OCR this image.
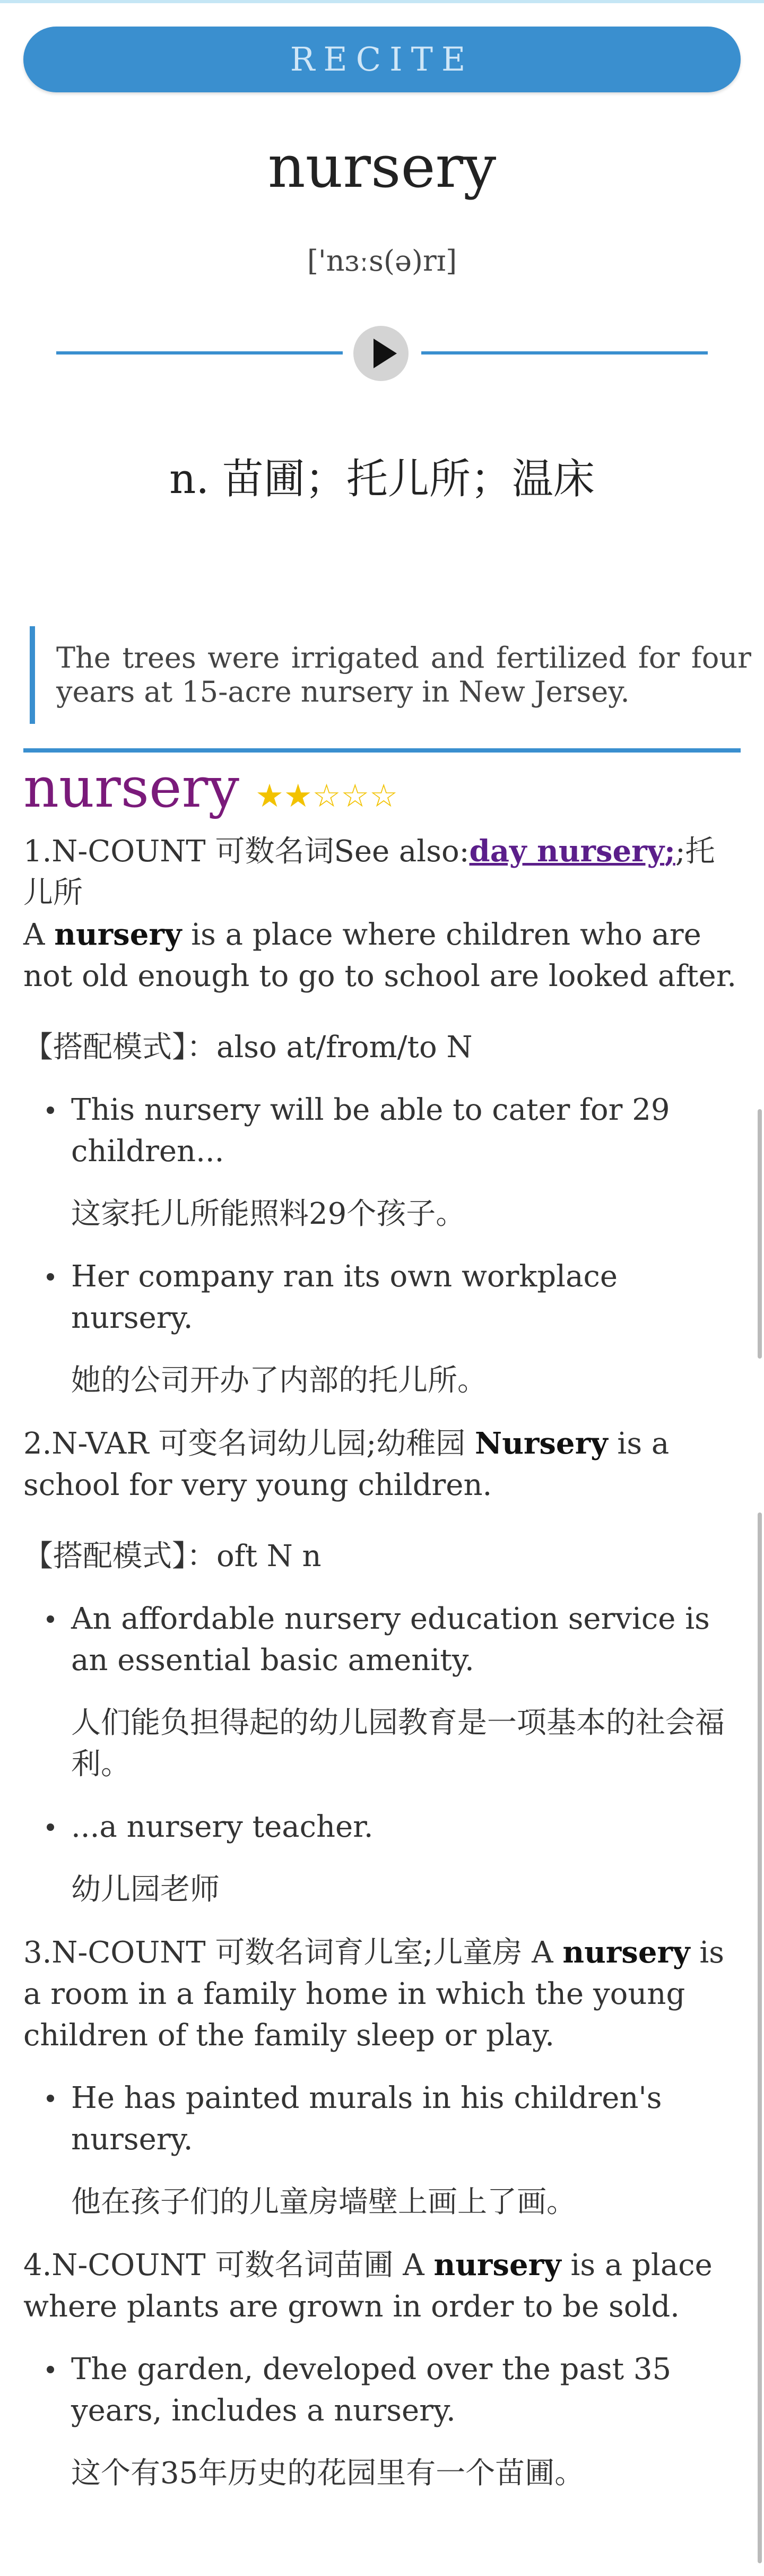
RECITE
nursery
['nɜːs(ə)rɪ]
n. 苗圃；托儿所；温床
The trees were irrigated and fertilized for four years at 15-acre nursery in New Jersey.
nursery ★★☆☆☆

1.N-COUNT 可数名词See also:day nursery;;托儿所
A nursery is a place where children who are not old enough to go to school are looked after.

【搭配模式】：also at/from/to N

This nursery will be able to cater for 29 children...

这家托儿所能照料29个孩子。

Her company ran its own workplace nursery.

她的公司开办了内部的托儿所。

2.N-VAR 可变名词幼儿园;幼稚园 Nursery is a school for very young children.

【搭配模式】：oft N n

An affordable nursery education service is an essential basic amenity.

人们能负担得起的幼儿园教育是一项基本的社会福利。

...a nursery teacher.

幼儿园老师

3.N-COUNT 可数名词育儿室;儿童房 A nursery is a room in a family home in which the young children of the family sleep or play.

He has painted murals in his children's nursery.

他在孩子们的儿童房墙壁上画上了画。

4.N-COUNT 可数名词苗圃 A nursery is a place where plants are grown in order to be sold.

The garden, developed over the past 35 years, includes a nursery.

这个有35年历史的花园里有一个苗圃。
